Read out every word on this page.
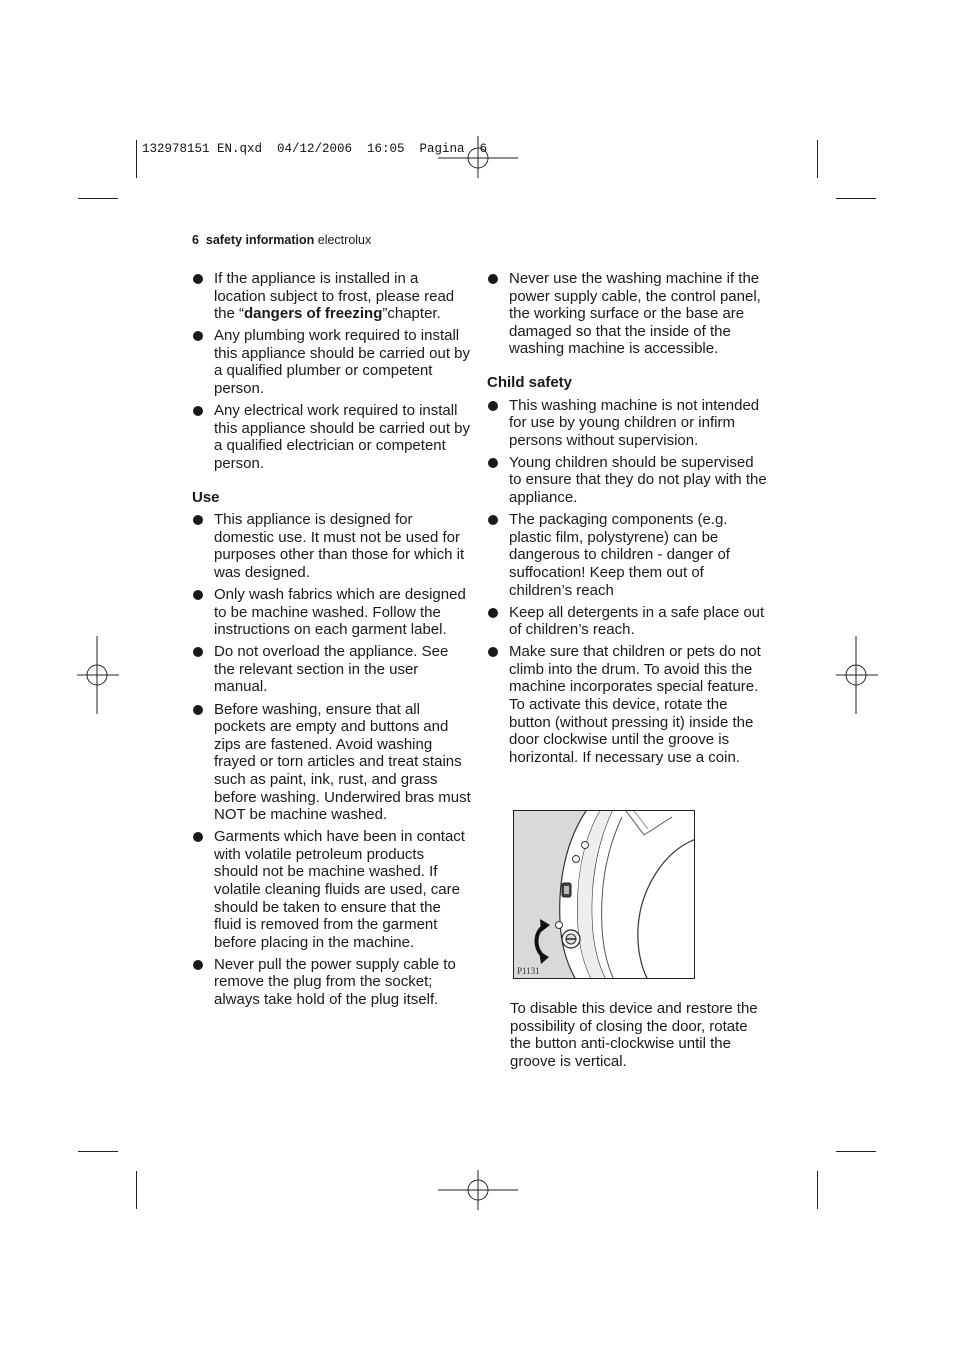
132978151 EN.qxd  04/12/2006  16:05  Pagina  6
6 safety information electrolux
If the appliance is installed in a location subject to frost, please read the “dangers of freezing”chapter.
Any plumbing work required to install this appliance should be carried out by a qualified plumber or competent person.
Any electrical work required to install this appliance should be carried out by a qualified electrician or competent person.
Use
This appliance is designed for domestic use. It must not be used for purposes other than those for which it was designed.
Only wash fabrics which are designed to be machine washed. Follow the instructions on each garment label.
Do not overload the appliance. See the relevant section in the user manual.
Before washing, ensure that all pockets are empty and buttons and zips are fastened. Avoid washing frayed or torn articles and treat stains such as paint, ink, rust, and grass before washing. Underwired bras must NOT be machine washed.
Garments which have been in contact with volatile petroleum products should not be machine washed. If volatile cleaning fluids are used, care should be taken to ensure that the fluid is removed from the garment before placing in the machine.
Never pull the power supply cable to remove the plug from the socket; always take hold of the plug itself.
Never use the washing machine if the power supply cable, the control panel, the working surface or the base are damaged so that the inside of the washing machine is accessible.
Child safety
This washing machine is not intended for use by young children or infirm persons without supervision.
Young children should be supervised to ensure that they do not play with the appliance.
The packaging components (e.g. plastic film, polystyrene) can be dangerous to children - danger of suffocation! Keep them out of children’s reach
Keep all detergents in a safe place out of children’s reach.
Make sure that children or pets do not climb into the drum. To avoid this the machine incorporates special feature. To activate this device, rotate the button (without pressing it) inside the door clockwise until the groove is horizontal. If necessary use a coin.
P1131
To disable this device and restore the possibility of closing the door, rotate the button anti-clockwise until the groove is vertical.
